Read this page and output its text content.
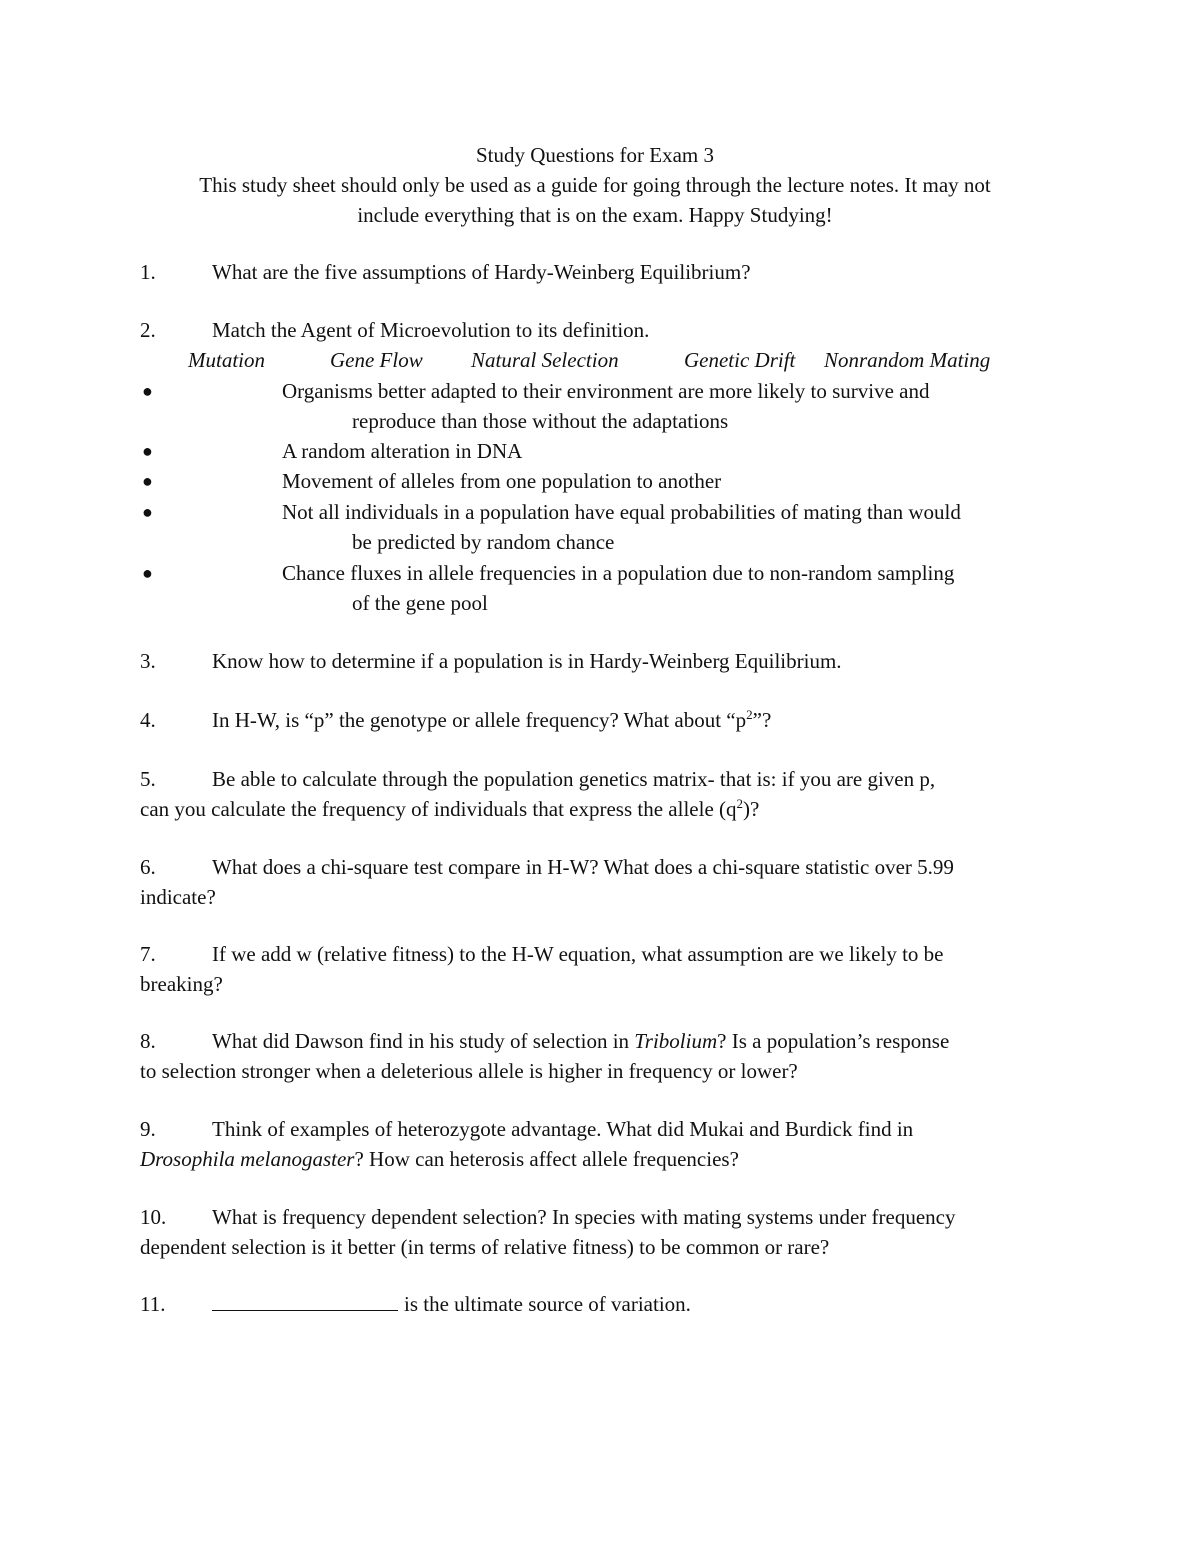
Study Questions for Exam 3
This study sheet should only be used as a guide for going through the lecture notes. It may not
include everything that is on the exam. Happy Studying!
1.	What are the five assumptions of Hardy-Weinberg Equilibrium?
2.	Match the Agent of Microevolution to its definition.
Mutation	Gene Flow Natural Selection	Genetic Drift Nonrandom Mating
●	Organisms better adapted to their environment are more likely to survive and
reproduce than those without the adaptations
●	A random alteration in DNA
●	Movement of alleles from one population to another
●	Not all individuals in a population have equal probabilities of mating than would
be predicted by random chance
●	Chance fluxes in allele frequencies in a population due to non-random sampling
of the gene pool
3.	Know how to determine if a population is in Hardy-Weinberg Equilibrium.
4.	In H-W, is “p” the genotype or allele frequency? What about “$p^2$”?
5.	Be able to calculate through the population genetics matrix- that is: if you are given p,
can you calculate the frequency of individuals that express the allele $(q^2)$?
6.	What does a chi-square test compare in H-W? What does a chi-square statistic over 5.99
indicate?
7.	If we add w (relative fitness) to the H-W equation, what assumption are we likely to be
breaking?
8.	What did Dawson find in his study of selection in Tribolium? Is a population’s response
to selection stronger when a deleterious allele is higher in frequency or lower?
9.	Think of examples of heterozygote advantage. What did Mukai and Burdick find in
Drosophila melanogaster? How can heterosis affect allele frequencies?
10. What is frequency dependent selection? In species with mating systems under frequency
dependent selection is it better (in terms of relative fitness) to be common or rare?
11.	is the ultimate source of variation.
